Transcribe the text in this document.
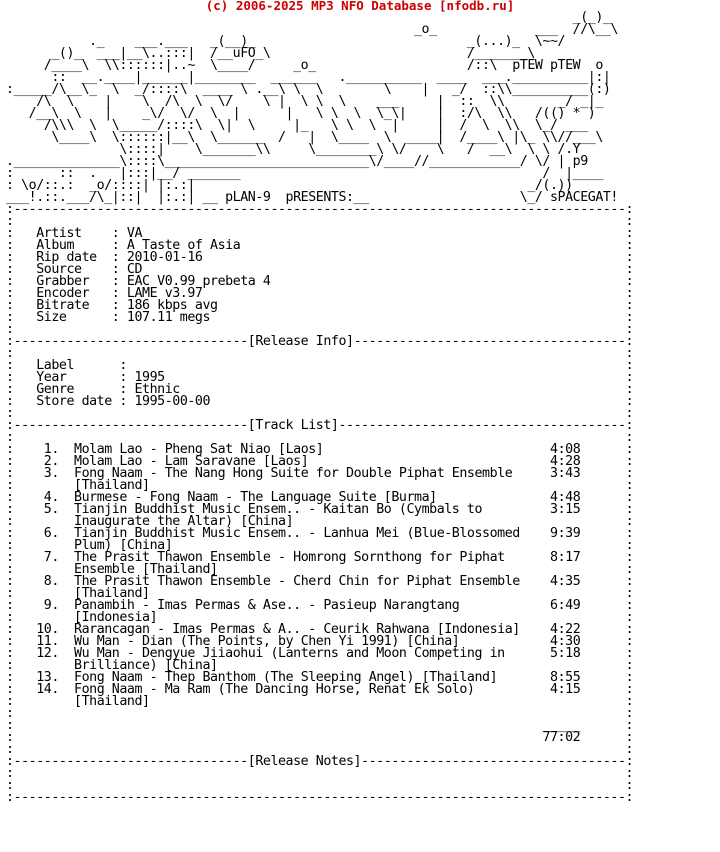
(c) 2006-2025 MP3 NFO Database [nfodb.ru]
_(_)_
_o_             ___  //\__\
._    ___.___   _(__)_                            _(...)_  \~~/
_()_  ___|__\..:::|  /__uFO_\                          /_______\
/____\  \\::::::|..~  \____/     _o_                    /::\  pTEW pTEW  o
::  __.____|______|________  ______   .__________  ____  ___.__________|:|
:_____/\__\_  \  _/::::\  ____ \ .__\ \  \        \    |   _/  ::\\__________(:)
/\  \    |    \  /\  \  \/    \ |  \ \  \    ___     |  ::  \\       _/ _|_
/__\  \   |    _\/  \/  \  |      |   \ \  \  \_\|    |  :/\  \\   /(() * )
/\\\  \  \_____/::::\  \|  \     |_   \ \  \  |     |  /  \  \\  \_/ ___
\____\  \::::::|__\  \______  /   |  \____  \  ____|  /____\ |\_ \\//___\
\::::|    \_______\\     \________\ \/    \   /  __\  \ \ /.Y
.______________\::::\___________________________\/____//____________/ \/ | p9
:      ::  .   |:::|__/ _______                                        /  |____
: \o/::.:  _o/::::| |:.:|                                            _/(.))
___!.::.___/\_|::|  |:.:| __ pLAN-9  pRESENTS:__                    \_/ sPACEGAT!
:---------------------------------------------------------------------------------:
:                                                                                 :
:   Artist    : VA	:
:   Album     : A Taste of Asia	:
:   Rip date  : 2010-01-16	:
:   Source    : CD	:
:   Grabber   : EAC V0.99 prebeta 4	:
:   Encoder   : LAME v3.97	:
:   Bitrate   : 186 kbps avg	:
:   Size      : 107.11 megs	:
:                                                                                 :
:-------------------------------[Release Info]------------------------------------:
:                                                                                 :
:   Label      :	:
:   Year       : 1995	:
:   Genre      : Ethnic	:
:   Store date : 1995-00-00	:
:                                                                                 :
:-------------------------------[Track List]--------------------------------------:
:                                                                                 :
:    1. Molam Lao - Pheng Sat Niao [Laos]	4:08	:
:    2. Molam Lao - Lam Saravane [Laos]	4:28	:
:    3. Fong Naam - The Nang Hong Suite for Double Piphat Ensemble	3:43	:
:	[Thailand]	:
:    4. Burmese - Fong Naam - The Language Suite [Burma]	4:48	:
:    5. Tianjin Buddhist Music Ensem.. - Kaitan Bo (Cymbals to	3:15	:
:	Inaugurate the Altar) [China]	:
:    6. Tianjin Buddhist Music Ensem.. - Lanhua Mei (Blue-Blossomed 9:39	:
:	Plum) [China]	:
:    7. The Prasit Thawon Ensemble - Homrong Sornthong for Piphat	8:17	:
:	Ensemble [Thailand]	:
:    8. The Prasit Thawon Ensemble - Cherd Chin for Piphat Ensemble 4:35	:
:	[Thailand]	:
:    9. Panambih - Imas Permas & Ase.. - Pasieup Narangtang	6:49	:
:	[Indonesia]	:
:   10. Rarancagan - Imas Permas & A.. - Ceurik Rahwana [Indonesia] 4:22	:
:   11. Wu Man - Dian (The Points, by Chen Yi 1991) [China]	4:30	:
:   12. Wu Man - Dengyue Jiiaohui (Lanterns and Moon Competing in	5:18	:
:	Brilliance) [China]	:
:   13. Fong Naam - Thep Banthom (The Sleeping Angel) [Thailand]	8:55	:
:   14. Fong Naam - Ma Ram (The Dancing Horse, Renat Ek Solo)	4:15	:
:	[Thailand]	:
:                                                                                 :
:                                                                      _____	:
:                                                                      77:02	:
:                                                                                 :
:-------------------------------[Release Notes]-----------------------------------:
:                                                                                 :
:                                                                                 :
:---------------------------------------------------------------------------------:
